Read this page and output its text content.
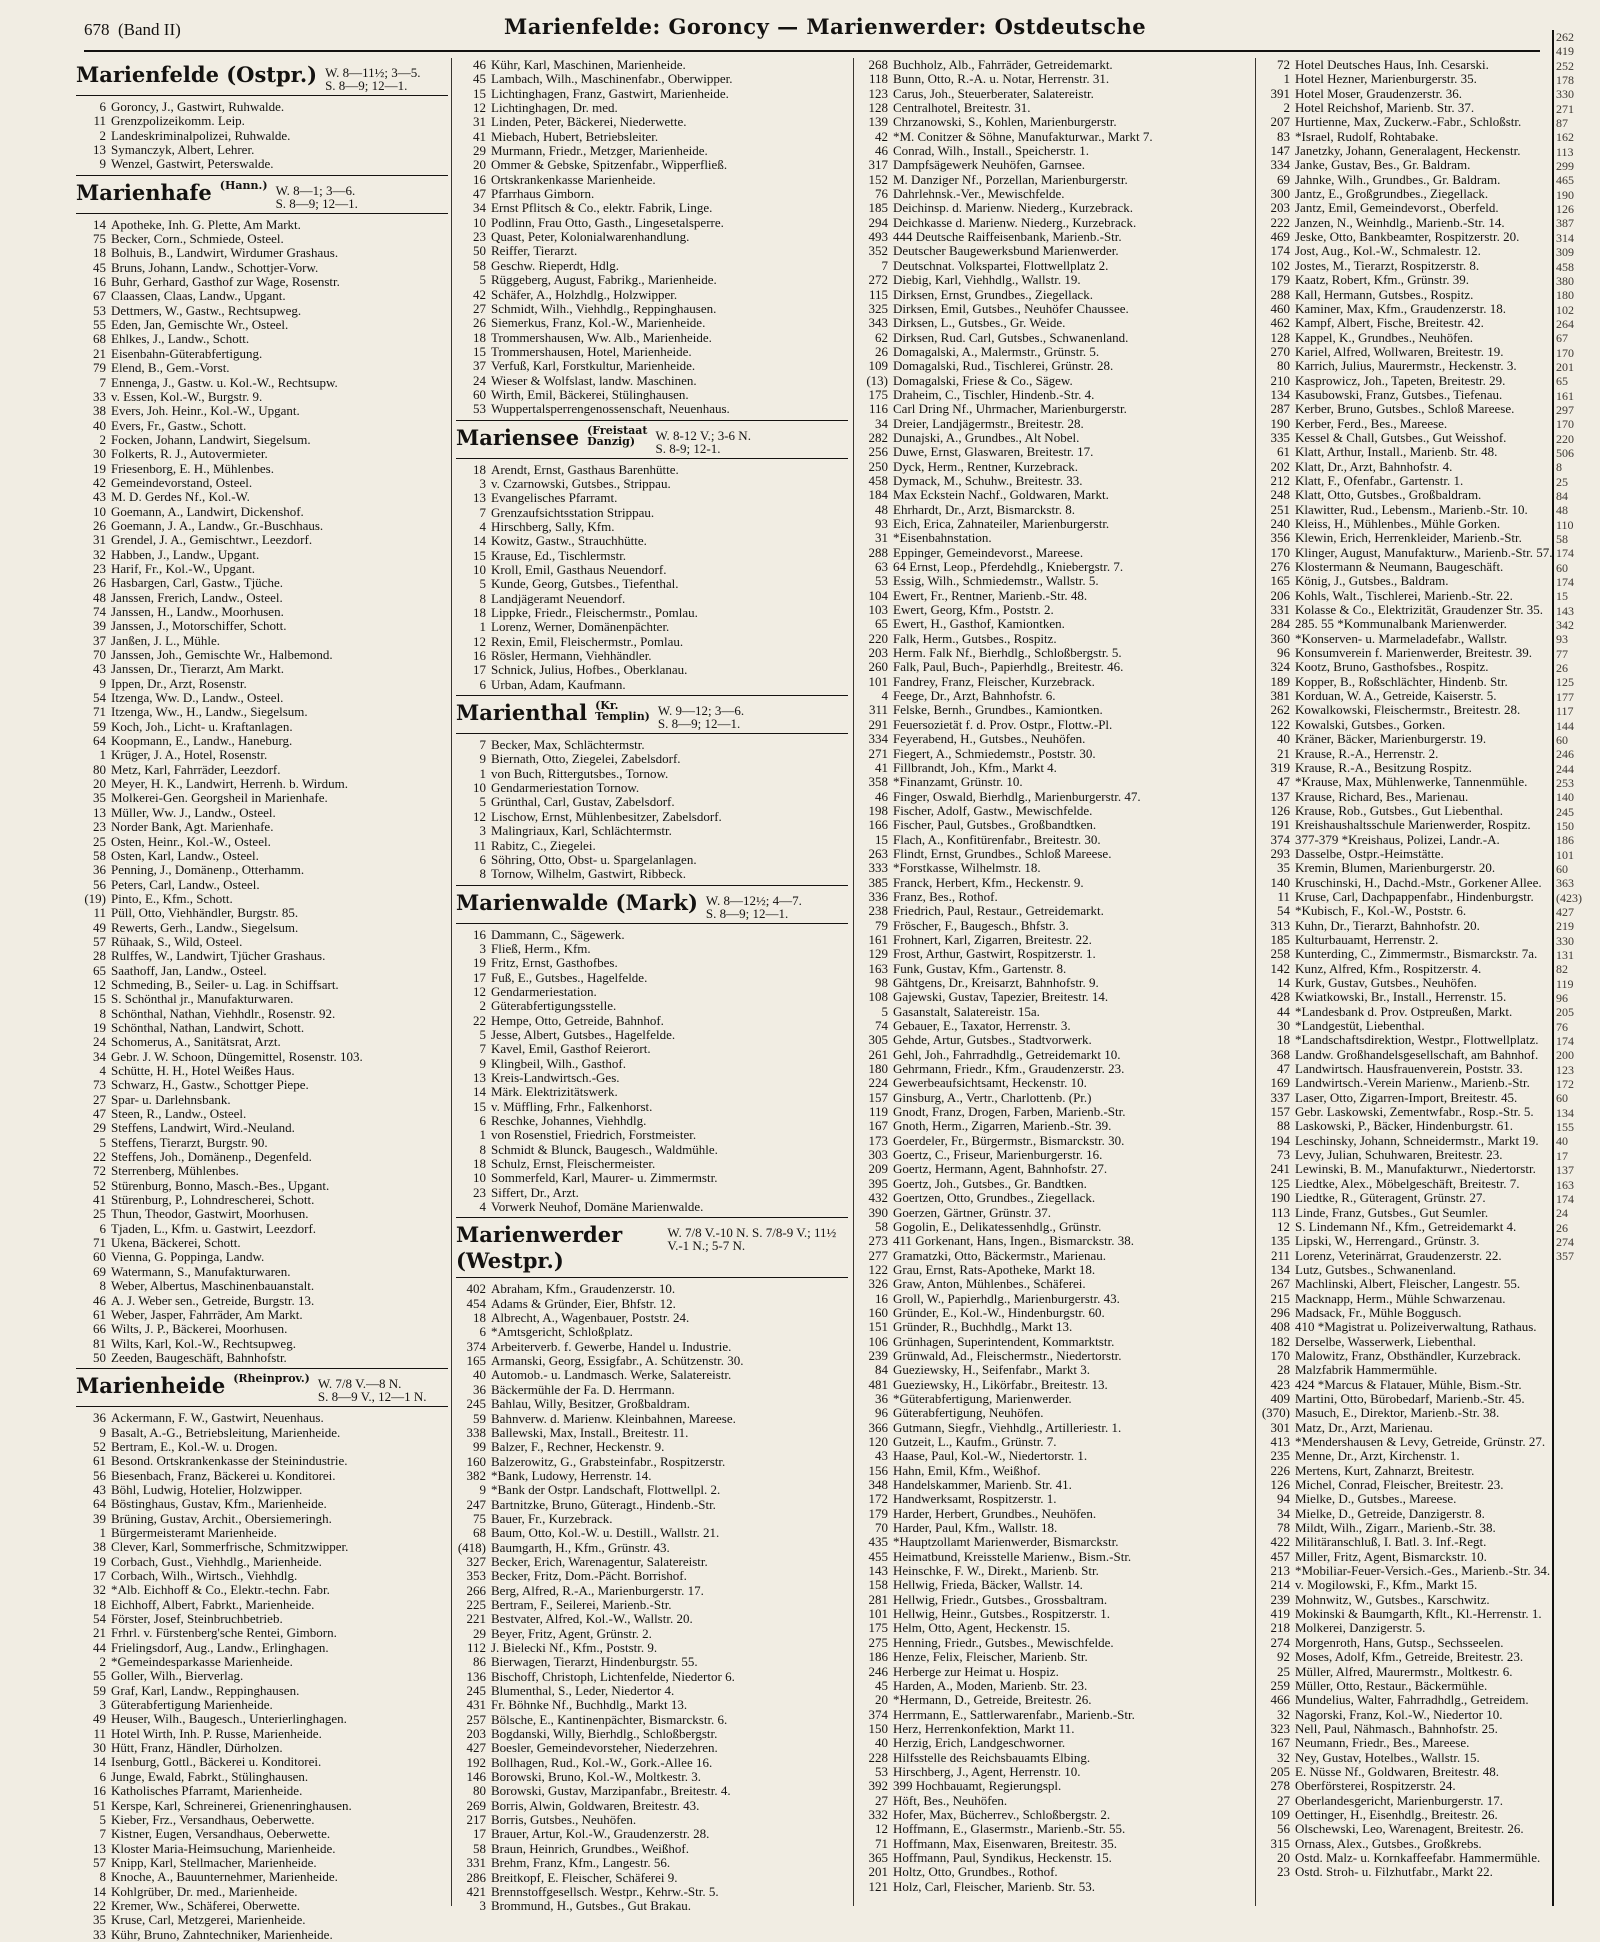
678 (Band II)	Marienfelde: Goroncy — Marienwerder: Ostdeutsche
Marienfelde (Ostpr.) W. 8—11½; 3—5.
S. 8—9; 12—1.
6 Goroncy, J., Gastwirt, Ruhwalde.
11 Grenzpolizeikomm. Leip.
2 Landeskriminalpolizei, Ruhwalde.
13 Symanczyk, Albert, Lehrer.
9 Wenzel, Gastwirt, Peterswalde.
Marienhafe (Hann.) W. 8—1; 3—6.
S. 8—9; 12—1.
14 Apotheke, Inh. G. Plette, Am Markt.
75 Becker, Corn., Schmiede, Osteel.
18 Bolhuis, B., Landwirt, Wirdumer Grashaus.
45 Bruns, Johann, Landw., Schottjer-Vorw.
16 Buhr, Gerhard, Gasthof zur Wage, Rosenstr.
67 Claassen, Claas, Landw., Upgant.
53 Dettmers, W., Gastw., Rechtsupweg.
55 Eden, Jan, Gemischte Wr., Osteel.
68 Ehlkes, J., Landw., Schott.
21 Eisenbahn-Güterabfertigung.
79 Elend, B., Gem.-Vorst.
7 Ennenga, J., Gastw. u. Kol.-W., Rechtsupw.
33 v. Essen, Kol.-W., Burgstr. 9.
38 Evers, Joh. Heinr., Kol.-W., Upgant.
40 Evers, Fr., Gastw., Schott.
2 Focken, Johann, Landwirt, Siegelsum.
30 Folkerts, R. J., Autovermieter.
19 Friesenborg, E. H., Mühlenbes.
42 Gemeindevorstand, Osteel.
43 M. D. Gerdes Nf., Kol.-W.
10 Goemann, A., Landwirt, Dickenshof.
26 Goemann, J. A., Landw., Gr.-Buschhaus.
31 Grendel, J. A., Gemischtwr., Leezdorf.
32 Habben, J., Landw., Upgant.
23 Harif, Fr., Kol.-W., Upgant.
26 Hasbargen, Carl, Gastw., Tjüche.
48 Janssen, Frerich, Landw., Osteel.
74 Janssen, H., Landw., Moorhusen.
39 Janssen, J., Motorschiffer, Schott.
37 Janßen, J. L., Mühle.
70 Janssen, Joh., Gemischte Wr., Halbemond.
43 Janssen, Dr., Tierarzt, Am Markt.
9 Ippen, Dr., Arzt, Rosenstr.
54 Itzenga, Ww. D., Landw., Osteel.
71 Itzenga, Ww., H., Landw., Siegelsum.
59 Koch, Joh., Licht- u. Kraftanlagen.
64 Koopmann, E., Landw., Haneburg.
1 Krüger, J. A., Hotel, Rosenstr.
80 Metz, Karl, Fahrräder, Leezdorf.
20 Meyer, H. K., Landwirt, Herrenh. b. Wirdum.
35 Molkerei-Gen. Georgsheil in Marienhafe.
13 Müller, Ww. J., Landw., Osteel.
23 Norder Bank, Agt. Marienhafe.
25 Osten, Heinr., Kol.-W., Osteel.
58 Osten, Karl, Landw., Osteel.
36 Penning, J., Domänenp., Otterhamm.
56 Peters, Carl, Landw., Osteel.
(19) Pinto, E., Kfm., Schott.
11 Püll, Otto, Viehhändler, Burgstr. 85.
49 Rewerts, Gerh., Landw., Siegelsum.
57 Rühaak, S., Wild, Osteel.
28 Rulffes, W., Landwirt, Tjücher Grashaus.
65 Saathoff, Jan, Landw., Osteel.
12 Schmeding, B., Seiler- u. Lag. in Schiffsart.
15 S. Schönthal jr., Manufakturwaren.
8 Schönthal, Nathan, Viehhdlr., Rosenstr. 92.
19 Schönthal, Nathan, Landwirt, Schott.
24 Schomerus, A., Sanitätsrat, Arzt.
34 Gebr. J. W. Schoon, Düngemittel, Rosenstr. 103.
4 Schütte, H. H., Hotel Weißes Haus.
73 Schwarz, H., Gastw., Schottger Piepe.
27 Spar- u. Darlehnsbank.
47 Steen, R., Landw., Osteel.
29 Steffens, Landwirt, Wird.-Neuland.
5 Steffens, Tierarzt, Burgstr. 90.
22 Steffens, Joh., Domänenp., Degenfeld.
72 Sterrenberg, Mühlenbes.
52 Stürenburg, Bonno, Masch.-Bes., Upgant.
41 Stürenburg, P., Lohndrescherei, Schott.
25 Thun, Theodor, Gastwirt, Moorhusen.
6 Tjaden, L., Kfm. u. Gastwirt, Leezdorf.
71 Ukena, Bäckerei, Schott.
60 Vienna, G. Poppinga, Landw.
69 Watermann, S., Manufakturwaren.
8 Weber, Albertus, Maschinenbauanstalt.
46 A. J. Weber sen., Getreide, Burgstr. 13.
61 Weber, Jasper, Fahrräder, Am Markt.
66 Wilts, J. P., Bäckerei, Moorhusen.
81 Wilts, Karl, Kol.-W., Rechtsupweg.
50 Zeeden, Baugeschäft, Bahnhofstr.
Marienheide (Rheinprov.) W. 7/8 V.—8 N.
S. 8—9 V., 12—1 N.
36 Ackermann, F. W., Gastwirt, Neuenhaus.
9 Basalt, A.-G., Betriebsleitung, Marienheide.
52 Bertram, E., Kol.-W. u. Drogen.
61 Besond. Ortskrankenkasse der Steinindustrie.
56 Biesenbach, Franz, Bäckerei u. Konditorei.
43 Böhl, Ludwig, Hotelier, Holzwipper.
64 Böstinghaus, Gustav, Kfm., Marienheide.
39 Brüning, Gustav, Archit., Obersiemeringh.
1 Bürgermeisteramt Marienheide.
38 Clever, Karl, Sommerfrische, Schmitzwipper.
19 Corbach, Gust., Viehhdlg., Marienheide.
17 Corbach, Wilh., Wirtsch., Viehhdlg.
32 *Alb. Eichhoff & Co., Elektr.-techn. Fabr.
18 Eichhoff, Albert, Fabrkt., Marienheide.
54 Förster, Josef, Steinbruchbetrieb.
21 Frhrl. v. Fürstenberg'sche Rentei, Gimborn.
44 Frielingsdorf, Aug., Landw., Erlinghagen.
2 *Gemeindesparkasse Marienheide.
55 Goller, Wilh., Bierverlag.
59 Graf, Karl, Landw., Reppinghausen.
3 Güterabfertigung Marienheide.
49 Heuser, Wilh., Baugesch., Unterierlinghagen.
11 Hotel Wirth, Inh. P. Russe, Marienheide.
30 Hütt, Franz, Händler, Dürholzen.
14 Isenburg, Gottl., Bäckerei u. Konditorei.
6 Junge, Ewald, Fabrkt., Stülinghausen.
16 Katholisches Pfarramt, Marienheide.
51 Kerspe, Karl, Schreinerei, Grienenringhausen.
5 Kieber, Frz., Versandhaus, Oeberwette.
7 Kistner, Eugen, Versandhaus, Oeberwette.
13 Kloster Maria-Heimsuchung, Marienheide.
57 Knipp, Karl, Stellmacher, Marienheide.
8 Knoche, A., Bauunternehmer, Marienheide.
14 Kohlgrüber, Dr. med., Marienheide.
22 Kremer, Ww., Schäferei, Oberwette.
35 Kruse, Carl, Metzgerei, Marienheide.
33 Kühr, Bruno, Zahntechniker, Marienheide.
46 Kühr, Karl, Maschinen, Marienheide.
45 Lambach, Wilh., Maschinenfabr., Oberwipper.
15 Lichtinghagen, Franz, Gastwirt, Marienheide.
12 Lichtinghagen, Dr. med.
31 Linden, Peter, Bäckerei, Niederwette.
41 Miebach, Hubert, Betriebsleiter.
29 Murmann, Friedr., Metzger, Marienheide.
20 Ommer & Gebske, Spitzenfabr., Wipperfließ.
16 Ortskrankenkasse Marienheide.
47 Pfarrhaus Gimborn.
34 Ernst Pflitsch & Co., elektr. Fabrik, Linge.
10 Podlinn, Frau Otto, Gasth., Lingesetalsperre.
23 Quast, Peter, Kolonialwarenhandlung.
50 Reiffer, Tierarzt.
58 Geschw. Rieperdt, Hdlg.
5 Rüggeberg, August, Fabrikg., Marienheide.
42 Schäfer, A., Holzhdlg., Holzwipper.
27 Schmidt, Wilh., Viehhdlg., Reppinghausen.
26 Siemerkus, Franz, Kol.-W., Marienheide.
18 Trommershausen, Ww. Alb., Marienheide.
15 Trommershausen, Hotel, Marienheide.
37 Verfuß, Karl, Forstkultur, Marienheide.
24 Wieser & Wolfslast, landw. Maschinen.
60 Wirth, Emil, Bäckerei, Stülinghausen.
53 Wuppertalsperrengenossenschaft, Neuenhaus.
Mariensee (Freistaat
Danzig)	W. 8-12 V.; 3-6 N.
S. 8-9; 12-1.
18 Arendt, Ernst, Gasthaus Barenhütte.
3 v. Czarnowski, Gutsbes., Strippau.
13 Evangelisches Pfarramt.
7 Grenzaufsichtsstation Strippau.
4 Hirschberg, Sally, Kfm.
14 Kowitz, Gastw., Strauchhütte.
15 Krause, Ed., Tischlermstr.
10 Kroll, Emil, Gasthaus Neuendorf.
5 Kunde, Georg, Gutsbes., Tiefenthal.
8 Landjägeramt Neuendorf.
18 Lippke, Friedr., Fleischermstr., Pomlau.
1 Lorenz, Werner, Domänenpächter.
12 Rexin, Emil, Fleischermstr., Pomlau.
16 Rösler, Hermann, Viehhändler.
17 Schnick, Julius, Hofbes., Oberklanau.
6 Urban, Adam, Kaufmann.
Marienthal (Kr.
Templin) W. 9—12; 3—6.
S. 8—9; 12—1.
7 Becker, Max, Schlächtermstr.
9 Biernath, Otto, Ziegelei, Zabelsdorf.
1 von Buch, Rittergutsbes., Tornow.
10 Gendarmeriestation Tornow.
5 Grünthal, Carl, Gustav, Zabelsdorf.
12 Lischow, Ernst, Mühlenbesitzer, Zabelsdorf.
3 Malingriaux, Karl, Schlächtermstr.
11 Rabitz, C., Ziegelei.
6 Söhring, Otto, Obst- u. Spargelanlagen.
8 Tornow, Wilhelm, Gastwirt, Ribbeck.
Marienwalde (Mark) W. 8—12½; 4—7.
S. 8—9; 12—1.
16 Dammann, C., Sägewerk.
3 Fließ, Herm., Kfm.
19 Fritz, Ernst, Gasthofbes.
17 Fuß, E., Gutsbes., Hagelfelde.
12 Gendarmeriestation.
2 Güterabfertigungsstelle.
22 Hempe, Otto, Getreide, Bahnhof.
5 Jesse, Albert, Gutsbes., Hagelfelde.
7 Kavel, Emil, Gasthof Reierort.
9 Klingbeil, Wilh., Gasthof.
13 Kreis-Landwirtsch.-Ges.
14 Märk. Elektrizitätswerk.
15 v. Müffling, Frhr., Falkenhorst.
6 Reschke, Johannes, Viehhdlg.
1 von Rosenstiel, Friedrich, Forstmeister.
8 Schmidt & Blunck, Baugesch., Waldmühle.
18 Schulz, Ernst, Fleischermeister.
10 Sommerfeld, Karl, Maurer- u. Zimmermstr.
23 Siffert, Dr., Arzt.
4 Vorwerk Neuhof, Domäne Marienwalde.
Marienwerder (Westpr.)
W. 7/8 V.-10 N. S. 7/8-9 V.; 11½ V.-1 N.; 5-7 N.
402 Abraham, Kfm., Graudenzerstr. 10.
454 Adams & Gründer, Eier, Bhfstr. 12.
18 Albrecht, A., Wagenbauer, Poststr. 24.
6 *Amtsgericht, Schloßplatz.
374 Arbeiterverb. f. Gewerbe, Handel u. Industrie.
165 Armanski, Georg, Essigfabr., A. Schützenstr. 30.
40 Automob.- u. Landmasch. Werke, Salatereistr.
36 Bäckermühle der Fa. D. Herrmann.
245 Bahlau, Willy, Besitzer, Großbaldram.
59 Bahnverw. d. Marienw. Kleinbahnen, Mareese.
338 Ballewski, Max, Install., Breitestr. 11.
99 Balzer, F., Rechner, Heckenstr. 9.
160 Balzerowitz, G., Grabsteinfabr., Rospitzerstr.
382 *Bank, Ludowy, Herrenstr. 14.
9 *Bank der Ostpr. Landschaft, Flottwellpl. 2.
247 Bartnitzke, Bruno, Güteragt., Hindenb.-Str.
75 Bauer, Fr., Kurzebrack.
68 Baum, Otto, Kol.-W. u. Destill., Wallstr. 21.
(418) Baumgarth, H., Kfm., Grünstr. 43.
327 Becker, Erich, Warenagentur, Salatereistr.
353 Becker, Fritz, Dom.-Pächt. Borrishof.
266 Berg, Alfred, R.-A., Marienburgerstr. 17.
225 Bertram, F., Seilerei, Marienb.-Str.
221 Bestvater, Alfred, Kol.-W., Wallstr. 20.
29 Beyer, Fritz, Agent, Grünstr. 2.
112 J. Bielecki Nf., Kfm., Poststr. 9.
86 Bierwagen, Tierarzt, Hindenburgstr. 55.
136 Bischoff, Christoph, Lichtenfelde, Niedertor 6.
245 Blumenthal, S., Leder, Niedertor 4.
431 Fr. Böhnke Nf., Buchhdlg., Markt 13.
257 Bölsche, E., Kantinenpächter, Bismarckstr. 6.
203 Bogdanski, Willy, Bierhdlg., Schloßbergstr.
427 Boesler, Gemeindevorsteher, Niederzehren.
192 Bollhagen, Rud., Kol.-W., Gork.-Allee 16.
146 Borowski, Bruno, Kol.-W., Moltkestr. 3.
80 Borowski, Gustav, Marzipanfabr., Breitestr. 4.
269 Borris, Alwin, Goldwaren, Breitestr. 43.
217 Borris, Gutsbes., Neuhöfen.
17 Brauer, Artur, Kol.-W., Graudenzerstr. 28.
58 Braun, Heinrich, Grundbes., Weißhof.
331 Brehm, Franz, Kfm., Langestr. 56.
286 Breitkopf, E. Fleischer, Schäferei 9.
421 Brennstoffgesellsch. Westpr., Kehrw.-Str. 5.
3 Brommund, H., Gutsbes., Gut Brakau.
268 Buchholz, Alb., Fahrräder, Getreidemarkt.
118 Bunn, Otto, R.-A. u. Notar, Herrenstr. 31.
123 Carus, Joh., Steuerberater, Salatereistr.
128 Centralhotel, Breitestr. 31.
139 Chrzanowski, S., Kohlen, Marienburgerstr.
42 *M. Conitzer & Söhne, Manufakturwar., Markt 7.
46 Conrad, Wilh., Install., Speicherstr. 1.
317 Dampfsägewerk Neuhöfen, Garnsee.
152 M. Danziger Nf., Porzellan, Marienburgerstr.
76 Dahrlehnsk.-Ver., Mewischfelde.
185 Deichinsp. d. Marienw. Niederg., Kurzebrack.
294 Deichkasse d. Marienw. Niederg., Kurzebrack.
493 444 Deutsche Raiffeisenbank, Marienb.-Str.
352 Deutscher Baugewerksbund Marienwerder.
7 Deutschnat. Volkspartei, Flottwellplatz 2.
272 Diebig, Karl, Viehhdlg., Wallstr. 19.
115 Dirksen, Ernst, Grundbes., Ziegellack.
325 Dirksen, Emil, Gutsbes., Neuhöfer Chaussee.
343 Dirksen, L., Gutsbes., Gr. Weide.
62 Dirksen, Rud. Carl, Gutsbes., Schwanenland.
26 Domagalski, A., Malermstr., Grünstr. 5.
109 Domagalski, Rud., Tischlerei, Grünstr. 28.
(13) Domagalski, Friese & Co., Sägew.
175 Draheim, C., Tischler, Hindenb.-Str. 4.
116 Carl Dring Nf., Uhrmacher, Marienburgerstr.
34 Dreier, Landjägermstr., Breitestr. 28.
282 Dunajski, A., Grundbes., Alt Nobel.
256 Duwe, Ernst, Glaswaren, Breitestr. 17.
250 Dyck, Herm., Rentner, Kurzebrack.
458 Dymack, M., Schuhw., Breitestr. 33.
184 Max Eckstein Nachf., Goldwaren, Markt.
48 Ehrhardt, Dr., Arzt, Bismarckstr. 8.
93 Eich, Erica, Zahnateiler, Marienburgerstr.
31 *Eisenbahnstation.
288 Eppinger, Gemeindevorst., Mareese.
63 64 Ernst, Leop., Pferdehdlg., Kniebergstr. 7.
53 Essig, Wilh., Schmiedemstr., Wallstr. 5.
104 Ewert, Fr., Rentner, Marienb.-Str. 48.
103 Ewert, Georg, Kfm., Poststr. 2.
65 Ewert, H., Gasthof, Kamiontken.
220 Falk, Herm., Gutsbes., Rospitz.
203 Herm. Falk Nf., Bierhdlg., Schloßbergstr. 5.
260 Falk, Paul, Buch-, Papierhdlg., Breitestr. 46.
101 Fandrey, Franz, Fleischer, Kurzebrack.
4 Feege, Dr., Arzt, Bahnhofstr. 6.
311 Felske, Bernh., Grundbes., Kamiontken.
291 Feuersozietät f. d. Prov. Ostpr., Flottw.-Pl.
334 Feyerabend, H., Gutsbes., Neuhöfen.
271 Fiegert, A., Schmiedemstr., Poststr. 30.
41 Fillbrandt, Joh., Kfm., Markt 4.
358 *Finanzamt, Grünstr. 10.
46 Finger, Oswald, Bierhdlg., Marienburgerstr. 47.
198 Fischer, Adolf, Gastw., Mewischfelde.
166 Fischer, Paul, Gutsbes., Großbandtken.
15 Flach, A., Konfitürenfabr., Breitestr. 30.
263 Flindt, Ernst, Grundbes., Schloß Mareese.
333 *Forstkasse, Wilhelmstr. 18.
385 Franck, Herbert, Kfm., Heckenstr. 9.
336 Franz, Bes., Rothof.
238 Friedrich, Paul, Restaur., Getreidemarkt.
79 Fröscher, F., Baugesch., Bhfstr. 3.
161 Frohnert, Karl, Zigarren, Breitestr. 22.
129 Frost, Arthur, Gastwirt, Rospitzerstr. 1.
163 Funk, Gustav, Kfm., Gartenstr. 8.
98 Gähtgens, Dr., Kreisarzt, Bahnhofstr. 9.
108 Gajewski, Gustav, Tapezier, Breitestr. 14.
5 Gasanstalt, Salatereistr. 15a.
74 Gebauer, E., Taxator, Herrenstr. 3.
305 Gehde, Artur, Gutsbes., Stadtvorwerk.
261 Gehl, Joh., Fahrradhdlg., Getreidemarkt 10.
180 Gehrmann, Friedr., Kfm., Graudenzerstr. 23.
224 Gewerbeaufsichtsamt, Heckenstr. 10.
157 Ginsburg, A., Vertr., Charlottenb. (Pr.)
119 Gnodt, Franz, Drogen, Farben, Marienb.-Str.
167 Gnoth, Herm., Zigarren, Marienb.-Str. 39.
173 Goerdeler, Fr., Bürgermstr., Bismarckstr. 30.
303 Goertz, C., Friseur, Marienburgerstr. 16.
209 Goertz, Hermann, Agent, Bahnhofstr. 27.
395 Goertz, Joh., Gutsbes., Gr. Bandtken.
432 Goertzen, Otto, Grundbes., Ziegellack.
390 Goerzen, Gärtner, Grünstr. 37.
58 Gogolin, E., Delikatessenhdlg., Grünstr.
273 411 Gorkenant, Hans, Ingen., Bismarckstr. 38.
277 Gramatzki, Otto, Bäckermstr., Marienau.
122 Grau, Ernst, Rats-Apotheke, Markt 18.
326 Graw, Anton, Mühlenbes., Schäferei.
16 Groll, W., Papierhdlg., Marienburgerstr. 43.
160 Gründer, E., Kol.-W., Hindenburgstr. 60.
151 Gründer, R., Buchhdlg., Markt 13.
106 Grünhagen, Superintendent, Kommarktstr.
239 Grünwald, Ad., Fleischermstr., Niedertorstr.
84 Gueziewsky, H., Seifenfabr., Markt 3.
481 Gueziewsky, H., Likörfabr., Breitestr. 13.
36 *Güterabfertigung, Marienwerder.
96 Güterabfertigung, Neuhöfen.
366 Gutmann, Siegfr., Viehhdlg., Artilleriestr. 1.
120 Gutzeit, L., Kaufm., Grünstr. 7.
43 Haase, Paul, Kol.-W., Niedertorstr. 1.
156 Hahn, Emil, Kfm., Weißhof.
348 Handelskammer, Marienb. Str. 41.
172 Handwerksamt, Rospitzerstr. 1.
179 Harder, Herbert, Grundbes., Neuhöfen.
70 Harder, Paul, Kfm., Wallstr. 18.
435 *Hauptzollamt Marienwerder, Bismarckstr.
455 Heimatbund, Kreisstelle Marienw., Bism.-Str.
143 Heinschke, F. W., Direkt., Marienb. Str.
158 Hellwig, Frieda, Bäcker, Wallstr. 14.
281 Hellwig, Friedr., Gutsbes., Grossbaltram.
101 Hellwig, Heinr., Gutsbes., Rospitzerstr. 1.
175 Helm, Otto, Agent, Heckenstr. 15.
275 Henning, Friedr., Gutsbes., Mewischfelde.
186 Henze, Felix, Fleischer, Marienb. Str.
246 Herberge zur Heimat u. Hospiz.
45 Harden, A., Moden, Marienb. Str. 23.
20 *Hermann, D., Getreide, Breitestr. 26.
374 Herrmann, E., Sattlerwarenfabr., Marienb.-Str.
150 Herz, Herrenkonfektion, Markt 11.
40 Herzig, Erich, Landgeschworner.
228 Hilfsstelle des Reichsbauamts Elbing.
53 Hirschberg, J., Agent, Herrenstr. 10.
392 399 Hochbauamt, Regierungspl.
27 Höft, Bes., Neuhöfen.
332 Hofer, Max, Bücherrev., Schloßbergstr. 2.
12 Hoffmann, E., Glasermstr., Marienb.-Str. 55.
71 Hoffmann, Max, Eisenwaren, Breitestr. 35.
365 Hoffmann, Paul, Syndikus, Heckenstr. 15.
201 Holtz, Otto, Grundbes., Rothof.
121 Holz, Carl, Fleischer, Marienb. Str. 53.
72 Hotel Deutsches Haus, Inh. Cesarski.
1 Hotel Hezner, Marienburgerstr. 35.
391 Hotel Moser, Graudenzerstr. 36.
2 Hotel Reichshof, Marienb. Str. 37.
207 Hurtienne, Max, Zuckerw.-Fabr., Schloßstr.
83 *Israel, Rudolf, Rohtabake.
147 Janetzky, Johann, Generalagent, Heckenstr.
334 Janke, Gustav, Bes., Gr. Baldram.
69 Jahnke, Wilh., Grundbes., Gr. Baldram.
300 Jantz, E., Großgrundbes., Ziegellack.
203 Jantz, Emil, Gemeindevorst., Oberfeld.
222 Janzen, N., Weinhdlg., Marienb.-Str. 14.
469 Jeske, Otto, Bankbeamter, Rospitzerstr. 20.
174 Jost, Aug., Kol.-W., Schmalestr. 12.
102 Jostes, M., Tierarzt, Rospitzerstr. 8.
179 Kaatz, Robert, Kfm., Grünstr. 39.
288 Kall, Hermann, Gutsbes., Rospitz.
460 Kaminer, Max, Kfm., Graudenzerstr. 18.
462 Kampf, Albert, Fische, Breitestr. 42.
128 Kappel, K., Grundbes., Neuhöfen.
270 Kariel, Alfred, Wollwaren, Breitestr. 19.
80 Karrich, Julius, Maurermstr., Heckenstr. 3.
210 Kasprowicz, Joh., Tapeten, Breitestr. 29.
134 Kasubowski, Franz, Gutsbes., Tiefenau.
287 Kerber, Bruno, Gutsbes., Schloß Mareese.
190 Kerber, Ferd., Bes., Mareese.
335 Kessel & Chall, Gutsbes., Gut Weisshof.
61 Klatt, Arthur, Install., Marienb. Str. 48.
202 Klatt, Dr., Arzt, Bahnhofstr. 4.
212 Klatt, F., Ofenfabr., Gartenstr. 1.
248 Klatt, Otto, Gutsbes., Großbaldram.
251 Klawitter, Rud., Lebensm., Marienb.-Str. 10.
240 Kleiss, H., Mühlenbes., Mühle Gorken.
356 Klewin, Erich, Herrenkleider, Marienb.-Str.
170 Klinger, August, Manufakturw., Marienb.-Str. 57.
276 Klostermann & Neumann, Baugeschäft.
165 König, J., Gutsbes., Baldram.
206 Kohls, Walt., Tischlerei, Marienb.-Str. 22.
331 Kolasse & Co., Elektrizität, Graudenzer Str. 35.
284 285. 55 *Kommunalbank Marienwerder.
360 *Konserven- u. Marmeladefabr., Wallstr.
96 Konsumverein f. Marienwerder, Breitestr. 39.
324 Kootz, Bruno, Gasthofsbes., Rospitz.
189 Kopper, B., Roßschlächter, Hindenb. Str.
381 Korduan, W. A., Getreide, Kaiserstr. 5.
262 Kowalkowski, Fleischermstr., Breitestr. 28.
122 Kowalski, Gutsbes., Gorken.
40 Kräner, Bäcker, Marienburgerstr. 19.
21 Krause, R.-A., Herrenstr. 2.
319 Krause, R.-A., Besitzung Rospitz.
47 *Krause, Max, Mühlenwerke, Tannenmühle.
137 Krause, Richard, Bes., Marienau.
126 Krause, Rob., Gutsbes., Gut Liebenthal.
191 Kreishaushaltsschule Marienwerder, Rospitz.
374 377-379 *Kreishaus, Polizei, Landr.-A.
293 Dasselbe, Ostpr.-Heimstätte.
35 Kremin, Blumen, Marienburgerstr. 20.
140 Kruschinski, H., Dachd.-Mstr., Gorkener Allee.
11 Kruse, Carl, Dachpappenfabr., Hindenburgstr.
54 *Kubisch, F., Kol.-W., Poststr. 6.
313 Kuhn, Dr., Tierarzt, Bahnhofstr. 20.
185 Kulturbauamt, Herrenstr. 2.
258 Kunterding, C., Zimmermstr., Bismarckstr. 7a.
142 Kunz, Alfred, Kfm., Rospitzerstr. 4.
14 Kurk, Gustav, Gutsbes., Neuhöfen.
428 Kwiatkowski, Br., Install., Herrenstr. 15.
44 *Landesbank d. Prov. Ostpreußen, Markt.
30 *Landgestüt, Liebenthal.
18 *Landschaftsdirektion, Westpr., Flottwellplatz.
368 Landw. Großhandelsgesellschaft, am Bahnhof.
47 Landwirtsch. Hausfrauenverein, Poststr. 33.
169 Landwirtsch.-Verein Marienw., Marienb.-Str.
337 Laser, Otto, Zigarren-Import, Breitestr. 45.
157 Gebr. Laskowski, Zementwfabr., Rosp.-Str. 5.
88 Laskowski, P., Bäcker, Hindenburgstr. 61.
194 Leschinsky, Johann, Schneidermstr., Markt 19.
73 Levy, Julian, Schuhwaren, Breitestr. 23.
241 Lewinski, B. M., Manufakturwr., Niedertorstr.
125 Liedtke, Alex., Möbelgeschäft, Breitestr. 7.
190 Liedtke, R., Güteragent, Grünstr. 27.
113 Linde, Franz, Gutsbes., Gut Seumler.
12 S. Lindemann Nf., Kfm., Getreidemarkt 4.
135 Lipski, W., Herrengard., Grünstr. 3.
211 Lorenz, Veterinärrat, Graudenzerstr. 22.
134 Lutz, Gutsbes., Schwanenland.
267 Machlinski, Albert, Fleischer, Langestr. 55.
215 Macknapp, Herm., Mühle Schwarzenau.
296 Madsack, Fr., Mühle Boggusch.
408 410 *Magistrat u. Polizeiverwaltung, Rathaus.
182 Derselbe, Wasserwerk, Liebenthal.
170 Malowitz, Franz, Obsthändler, Kurzebrack.
28 Malzfabrik Hammermühle.
423 424 *Marcus & Flatauer, Mühle, Bism.-Str.
409 Martini, Otto, Bürobedarf, Marienb.-Str. 45.
(370) Masuch, E., Direktor, Marienb.-Str. 38.
301 Matz, Dr., Arzt, Marienau.
413 *Mendershausen & Levy, Getreide, Grünstr. 27.
235 Menne, Dr., Arzt, Kirchenstr. 1.
226 Mertens, Kurt, Zahnarzt, Breitestr.
126 Michel, Conrad, Fleischer, Breitestr. 23.
94 Mielke, D., Gutsbes., Mareese.
34 Mielke, D., Getreide, Danzigerstr. 8.
78 Mildt, Wilh., Zigarr., Marienb.-Str. 38.
422 Militäranschluß, I. Batl. 3. Inf.-Regt.
457 Miller, Fritz, Agent, Bismarckstr. 10.
213 *Mobiliar-Feuer-Versich.-Ges., Marienb.-Str. 34.
214 v. Mogilowski, F., Kfm., Markt 15.
239 Mohnwitz, W., Gutsbes., Karschwitz.
419 Mokinski & Baumgarth, Kflt., Kl.-Herrenstr. 1.
218 Molkerei, Danzigerstr. 5.
274 Morgenroth, Hans, Gutsp., Sechsseelen.
92 Moses, Adolf, Kfm., Getreide, Breitestr. 23.
25 Müller, Alfred, Maurermstr., Moltkestr. 6.
259 Müller, Otto, Restaur., Bäckermühle.
466 Mundelius, Walter, Fahrradhdlg., Getreidem.
32 Nagorski, Franz, Kol.-W., Niedertor 10.
323 Nell, Paul, Nähmasch., Bahnhofstr. 25.
167 Neumann, Friedr., Bes., Mareese.
32 Ney, Gustav, Hotelbes., Wallstr. 15.
205 E. Nüsse Nf., Goldwaren, Breitestr. 48.
278 Oberförsterei, Rospitzerstr. 24.
27 Oberlandesgericht, Marienburgerstr. 17.
109 Oettinger, H., Eisenhdlg., Breitestr. 26.
56 Olschewski, Leo, Warenagent, Breitestr. 26.
315 Ornass, Alex., Gutsbes., Großkrebs.
20 Ostd. Malz- u. Kornkaffeefabr. Hammermühle.
23 Ostd. Stroh- u. Filzhutfabr., Markt 22.
262
419
252
178
330
271
87
162
113
299
465
190
126
387
314
309
458
380
180
102
264
67
170
201
65
161
297
170
220
506
8
25
84
48
110
58
174
60
174
15
143
342
93
77
26
125
177
117
144
60
246
244
253
140
245
150
186
101
60
363
(423)
427
219
330
131
82
119
96
205
76
174
200
123
172
60
134
155
40
17
137
163
174
24
26
274
357
